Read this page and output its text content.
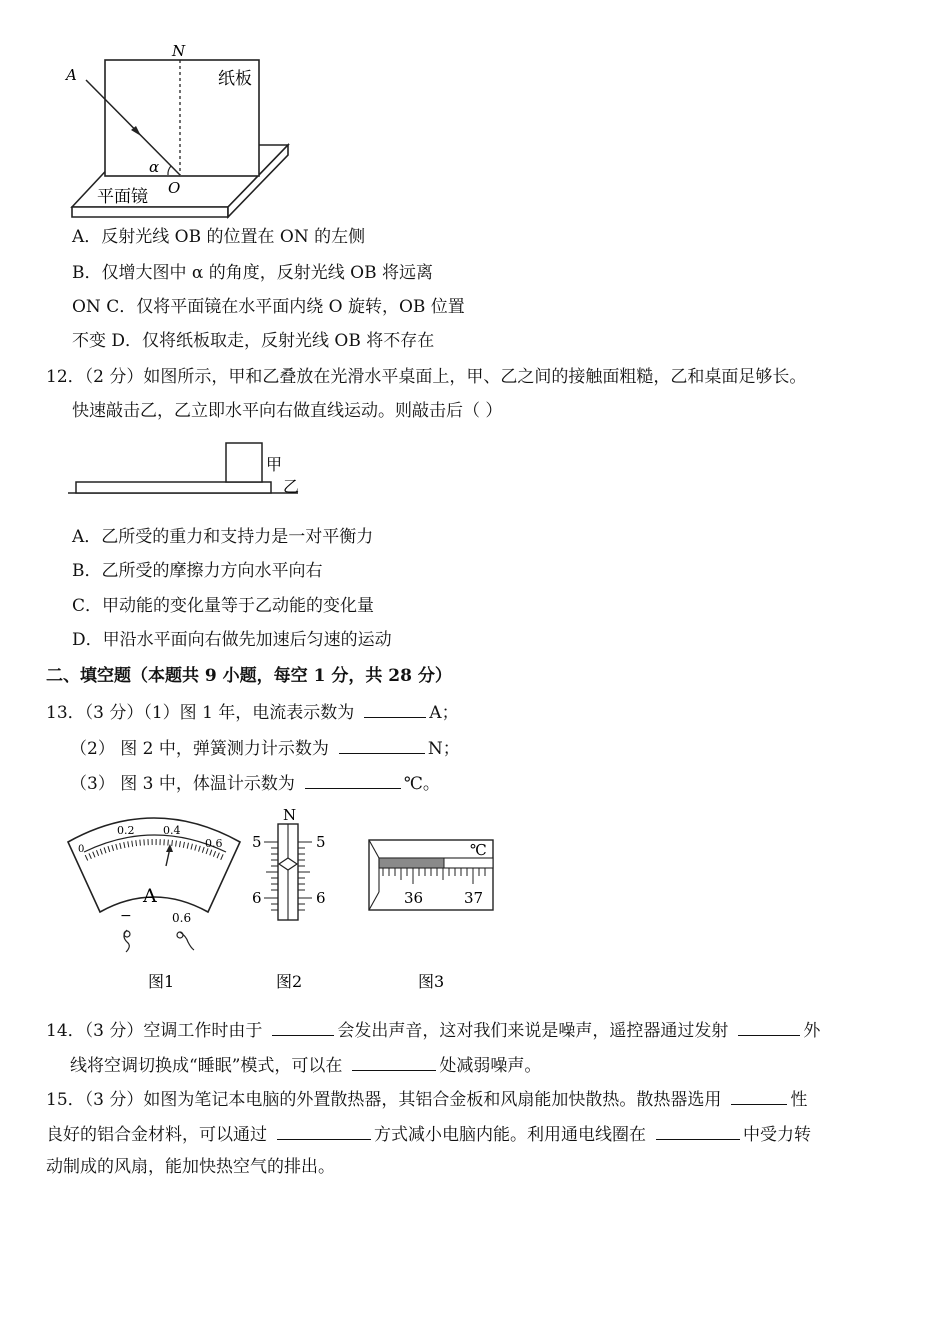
N
A
O
α
纸板
平面镜
A．反射光线 OB 的位置在 ON 的左侧
B．仅增大图中 α 的角度，反射光线 OB 将远离
ON C．仅将平面镜在水平面内绕 O 旋转，OB 位置
不变 D．仅将纸板取走，反射光线 OB 将不存在
12．（2 分）如图所示，甲和乙叠放在光滑水平桌面上，甲、乙之间的接触面粗糙，乙和桌面足够长。
快速敲击乙，乙立即水平向右做直线运动。则敲击后（ ）
甲
乙
A．乙所受的重力和支持力是一对平衡力
B．乙所受的摩擦力方向水平向右
C．甲动能的变化量等于乙动能的变化量
D．甲沿水平面向右做先加速后匀速的运动
二、填空题（本题共 9 小题，每空 1 分，共 28 分）
13．（3 分）（1）图 1 年，电流表示数为	A；
（2） 图 2 中，弹簧测力计示数为	N；
（3） 图 3 中，体温计示数为	℃。
0
0.2	0.4
0.6
A
−	0.6
图1
N
5	5
6	6
图2
℃
36	37
图3
14．（3 分）空调工作时由于	会发出声音，这对我们来说是噪声，遥控器通过发射	外
线将空调切换成“睡眠”模式，可以在	处减弱噪声。
15．（3 分）如图为笔记本电脑的外置散热器，其铝合金板和风扇能加快散热。散热器选用	性
良好的铝合金材料，可以通过	方式减小电脑内能。利用通电线圈在	中受力转
动制成的风扇，能加快热空气的排出。
